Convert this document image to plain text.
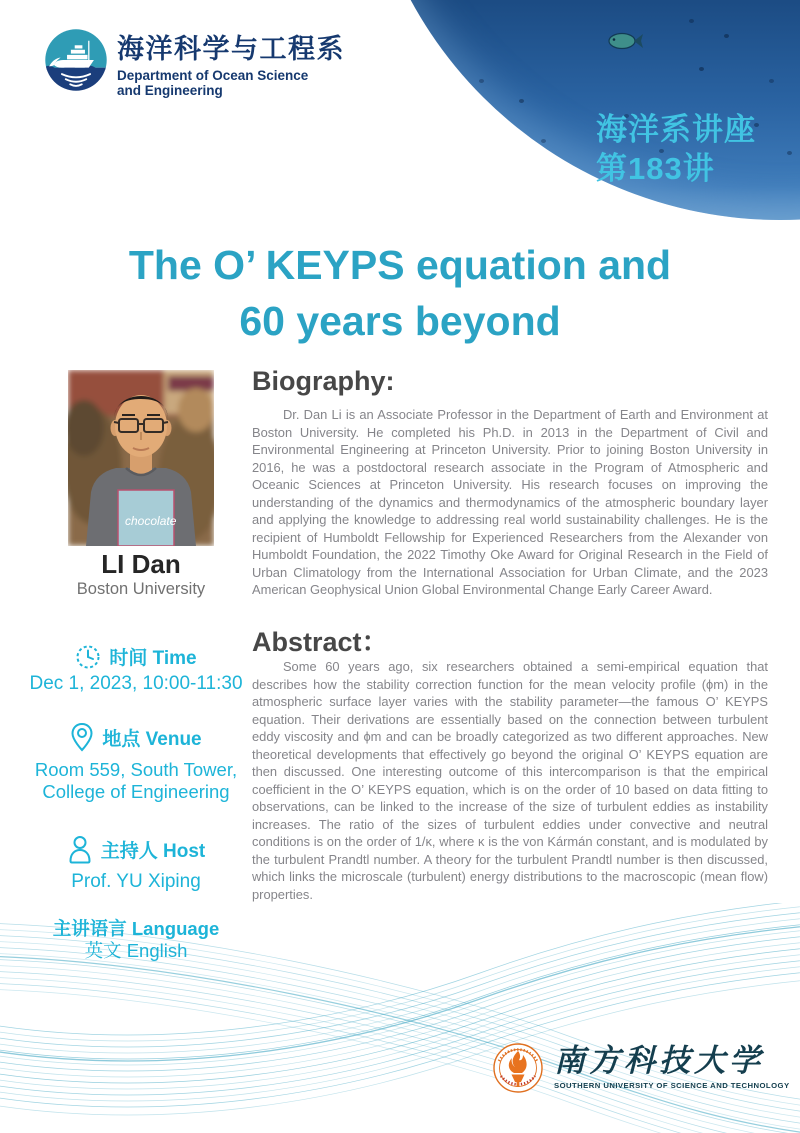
海洋系讲座
第183讲
海洋科学与工程系
Department of Ocean Science
and Engineering
The O’ KEYPS equation and
60 years beyond
chocolate
LI Dan
Boston University
Biography:
Dr. Dan Li is an Associate Professor in the Department of Earth and Environment at Boston University. He completed his Ph.D. in 2013 in the Department of Civil and Environmental Engineering at Princeton University. Prior to joining Boston University in 2016, he was a postdoctoral research associate in the Program of Atmospheric and Oceanic Sciences at Princeton University. His research focuses on improving the understanding of the dynamics and thermodynamics of the atmospheric boundary layer and applying the knowledge to addressing real world sustainability challenges. He is the recipient of Humboldt Fellowship for Experienced Researchers from the Alexander von Humboldt Foundation, the 2022 Timothy Oke Award for Original Research in the Field of Urban Climatology from the International Association for Urban Climate, and the 2023 American Geophysical Union Global Environmental Change Early Career Award.
Abstract：
Some 60 years ago, six researchers obtained a semi-empirical equation that describes how the stability correction function for the mean velocity profile (ϕm) in the atmospheric surface layer varies with the stability parameter—the famous O’ KEYPS equation. Their derivations are essentially based on the connection between turbulent eddy viscosity and ϕm and can be broadly categorized as two different approaches. New theoretical developments that effectively go beyond the original O’ KEYPS equation are then discussed. One interesting outcome of this intercomparison is that the empirical coefficient in the O’ KEYPS equation, which is on the order of 10 based on data fitting to observations, can be linked to the increase of the size of turbulent eddies as instability increases. The ratio of the sizes of turbulent eddies under convective and neutral conditions is on the order of 1/κ, where κ is the von Kármán constant, and is modulated by the turbulent Prandtl number. A theory for the turbulent Prandtl number is then discussed, which links the microscale (turbulent) energy distributions to the macroscopic (mean flow) properties.
时间 Time
Dec 1, 2023, 10:00-11:30
地点 Venue
Room 559, South Tower,
College of Engineering
主持人 Host
Prof. YU Xiping
主讲语言 Language
英文 English
南方科技大学
SOUTHERN UNIVERSITY OF SCIENCE AND TECHNOLOGY
